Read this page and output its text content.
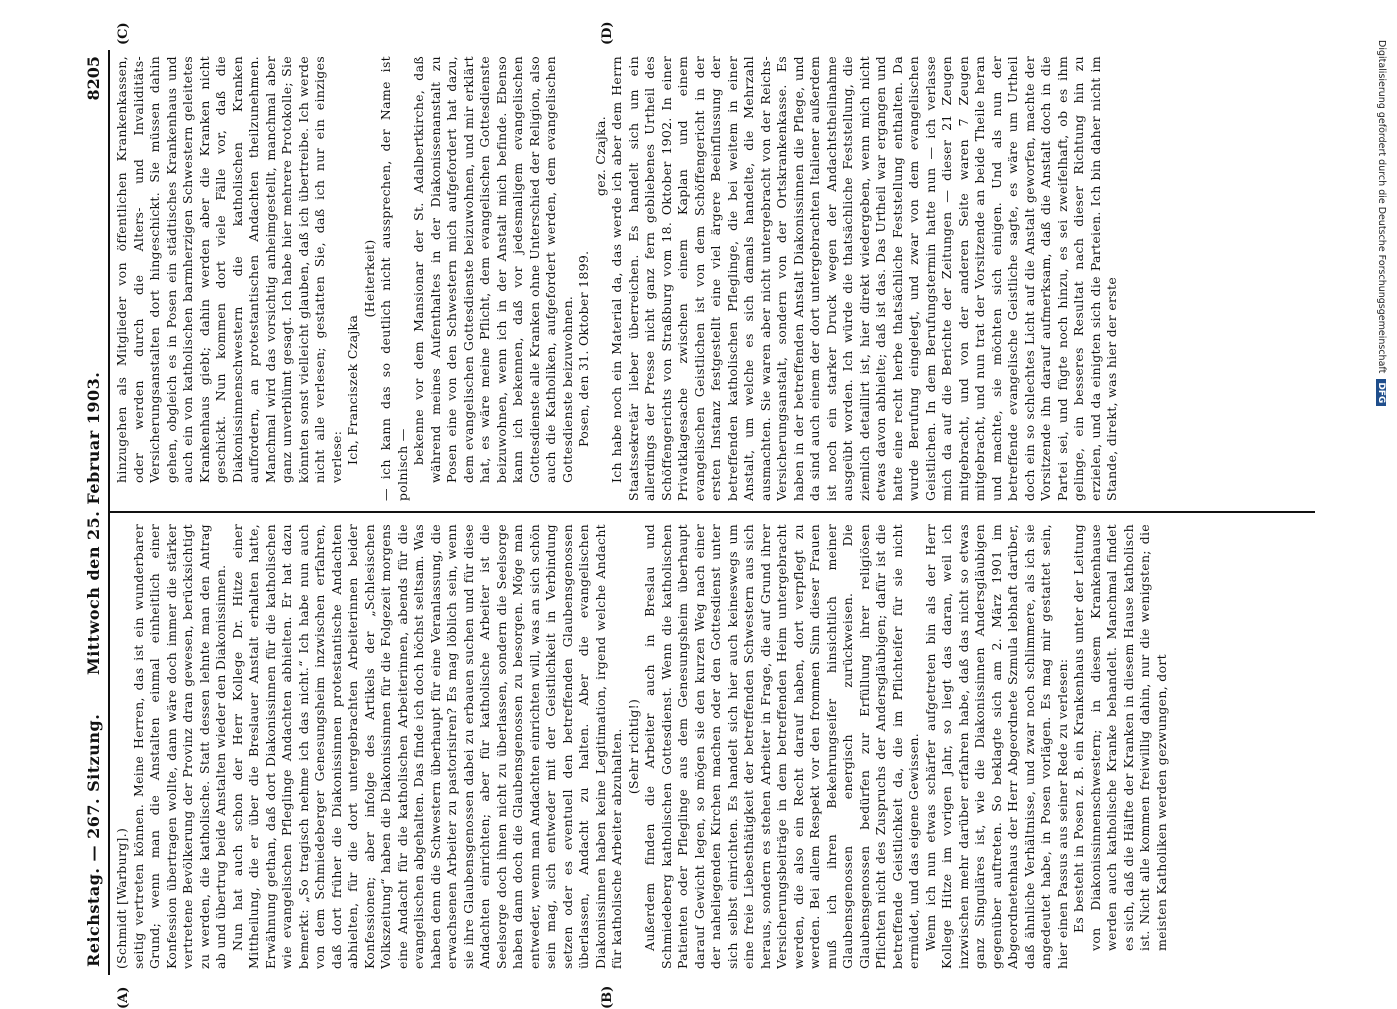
Reichstag. — 267. Sitzung.
Mittwoch den 25. Februar 1903.
8205

(Schmidt [Warburg].) seitig vertreten können. Meine Herren, das ist ein wunderbarer Grund; wenn man die Anstalten einmal einheitlich einer Konfession übertragen wollte, dann wäre doch immer die stärker vertretene Bevölkerung der Provinz dran gewesen, berücksichtigt zu werden, die katholische. Statt dessen lehnte man den Antrag ab und übertrug beide Anstalten wieder den Diakonissinnen. Nun hat auch schon der Herr Kollege Dr. Hitze einer Mittheilung, die er über die Breslauer Anstalt erhalten hatte, Erwähnung gethan, daß dort Diakonissinnen für die katholischen wie evangelischen Pfleglinge Andachten abhielten. Er hat dazu bemerkt: „So tragisch nehme ich das nicht.“ Ich habe nun auch von dem Schmiedeberger Genesungsheim inzwischen erfahren, daß dort früher die Diakonissinnen protestantische Andachten abhielten, für die dort untergebrachten Arbeiterinnen beider Konfessionen; aber infolge des Artikels der „Schlesischen Volkszeitung“ haben die Diakonissinnen für die Folgezeit morgens eine Andacht für die katholischen Arbeiterinnen, abends für die evangelischen abgehalten. Das finde ich doch höchst seltsam. Was haben denn die Schwestern überhaupt für eine Veranlassung, die erwachsenen Arbeiter zu pastorisiren? Es mag löblich sein, wenn sie ihre Glaubensgenossen dabei zu erbauen suchen und für diese Andachten einrichten; aber für katholische Arbeiter ist die Seelsorge doch ihnen nicht zu überlassen, sondern die Seelsorge haben dann doch die Glaubensgenossen zu besorgen. Möge man entweder, wenn man Andachten einrichten will, was an sich schön sein mag, sich entweder mit der Geistlichkeit in Verbindung setzen oder es eventuell den betreffenden Glaubensgenossen überlassen, Andacht zu halten. Aber die evangelischen Diakonissinnen haben keine Legitimation, irgend welche Andacht für katholische Arbeiter abzuhalten. (Sehr richtig!) Außerdem finden die Arbeiter auch in Breslau und Schmiedeberg katholischen Gottesdienst. Wenn die katholischen Patienten oder Pfleglinge aus dem Genesungsheim überhaupt darauf Gewicht legen, so mögen sie den kurzen Weg nach einer der naheliegenden Kirchen machen oder den Gottesdienst unter sich selbst einrichten. Es handelt sich hier auch keineswegs um eine freie Liebesthätigkeit der betreffenden Schwestern aus sich heraus, sondern es stehen Arbeiter in Frage, die auf Grund ihrer Versicherungsbeiträge in dem betreffenden Heim untergebracht werden, die also ein Recht darauf haben, dort verpflegt zu werden. Bei allem Respekt vor den frommen Sinn dieser Frauen muß ich ihren Bekehrungseifer hinsichtlich meiner Glaubensgenossen energisch zurückweisen. Die Glaubensgenossen bedürfen zur Erfüllung ihrer religiösen Pflichten nicht des Zuspruchs der Andersgläubigen; dafür ist die betreffende Geistlichkeit da, die im Pflichteifer für sie nicht ermüdet, und das eigene Gewissen. Wenn ich nun etwas schärfer aufgetreten bin als der Herr Kollege Hitze im vorigen Jahr, so liegt das daran, weil ich inzwischen mehr darüber erfahren habe, daß das nicht so etwas ganz Singuläres ist, wie die Diakonissinnen Andersgläubigen gegenüber auftreten. So beklagte sich am 2. März 1901 im Abgeordnetenhaus der Herr Abgeordnete Szmula lebhaft darüber, daß ähnliche Verhältnisse, und zwar noch schlimmere, als ich sie angedeutet habe, in Posen vorlägen. Es mag mir gestattet sein, hier einen Passus aus seiner Rede zu verlesen: Es besteht in Posen z. B. ein Krankenhaus unter der Leitung von Diakonissinnenschwestern; in diesem Krankenhause werden auch katholische Kranke behandelt. Manchmal findet es sich, daß die Hälfte der Kranken in diesem Hause katholisch ist. Nicht alle kommen freiwillig dahin, nur die wenigsten; die meisten Katholiken werden gezwungen, dort

hinzugehen als Mitglieder von öffentlichen Krankenkassen, oder werden durch die Alters- und Invaliditäts-Versicherungsanstalten dort hingeschickt. Sie müssen dahin gehen, obgleich es in Posen ein städtisches Krankenhaus und auch ein von katholischen barmherzigen Schwestern geleitetes Krankenhaus giebt; dahin werden aber die Kranken nicht geschickt. Nun kommen dort viele Fälle vor, daß die Diakonissinnenschwestern die katholischen Kranken auffordern, an protestantischen Andachten theilzunehmen. Manchmal wird das vorsichtig anheimgestellt, manchmal aber ganz unverblümt gesagt. Ich habe hier mehrere Protokolle; Sie könnten sonst vielleicht glauben, daß ich übertreibe. Ich werde nicht alle verlesen; gestatten Sie, daß ich nur ein einziges verlese: Ich, Franciszek Czajka

(Heiterkeit) — ich kann das so deutlich nicht aussprechen, der Name ist polnisch — bekenne vor dem Mansionar der St. Adalbertkirche, daß während meines Aufenthaltes in der Diakonissenanstalt zu Posen eine von den Schwestern mich aufgefordert hat dazu, dem evangelischen Gottesdienste beizuwohnen, und mir erklärt hat, es wäre meine Pflicht, dem evangelischen Gottesdienste beizuwohnen, wenn ich in der Anstalt mich befinde. Ebenso kann ich bekennen, daß vor jedesmaligem evangelischen Gottesdienste alle Kranken ohne Unterschied der Religion, also auch die Katholiken, aufgefordert werden, dem evangelischen Gottesdienste beizuwohnen. Posen, den 31. Oktober 1899.

gez. Czajka. Ich habe noch ein Material da, das werde ich aber dem Herrn Staatssekretär lieber überreichen. Es handelt sich um ein allerdings der Presse nicht ganz fern gebliebenes Urtheil des Schöffengerichts von Straßburg vom 18. Oktober 1902. In einer Privatklagesache zwischen einem Kaplan und einem evangelischen Geistlichen ist von dem Schöffengericht in der ersten Instanz festgestellt eine viel ärgere Beeinflussung der betreffenden katholischen Pfleglinge, die bei weitem in einer Anstalt, um welche es sich damals handelte, die Mehrzahl ausmachten. Sie waren aber nicht untergebracht von der Reichs-Versicherungsanstalt, sondern von der Ortskrankenkasse. Es haben in der betreffenden Anstalt Diakonissinnen die Pflege, und da sind auch einem der dort untergebrachten Italiener außerdem ist noch ein starker Druck wegen der Andachtstheilnahme ausgeübt worden. Ich würde die thatsächliche Feststellung, die ziemlich detaillirt ist, hier direkt wiedergeben, wenn mich nicht etwas davon abhielte; daß ist das. Das Urtheil war ergangen und hatte eine recht herbe thatsächliche Feststellung enthalten. Da wurde Berufung eingelegt, und zwar von dem evangelischen Geistlichen. In dem Berufungstermin hatte nun — ich verlasse mich da auf die Berichte der Zeitungen — dieser 21 Zeugen mitgebracht, und von der anderen Seite waren 7 Zeugen mitgebracht, und nun trat der Vorsitzende an beide Theile heran und machte, sie möchten sich einigen. Und als nun der betreffende evangelische Geistliche sagte, es wäre um Urtheil doch ein so schlechtes Licht auf die Anstalt geworfen, machte der Vorsitzende ihn darauf aufmerksam, daß die Anstalt doch in die Partei sei, und fügte noch hinzu, es sei zweifelhaft, ob es ihm gelinge, ein besseres Resultat nach dieser Richtung hin zu erzielen, und da einigten sich die Parteien. Ich bin daher nicht im Stande, direkt, was hier der erste

(A)	(B)
(C)	(D)
Digitalisierung gefördert durch die Deutsche ForschungsgemeinschaftDFG
